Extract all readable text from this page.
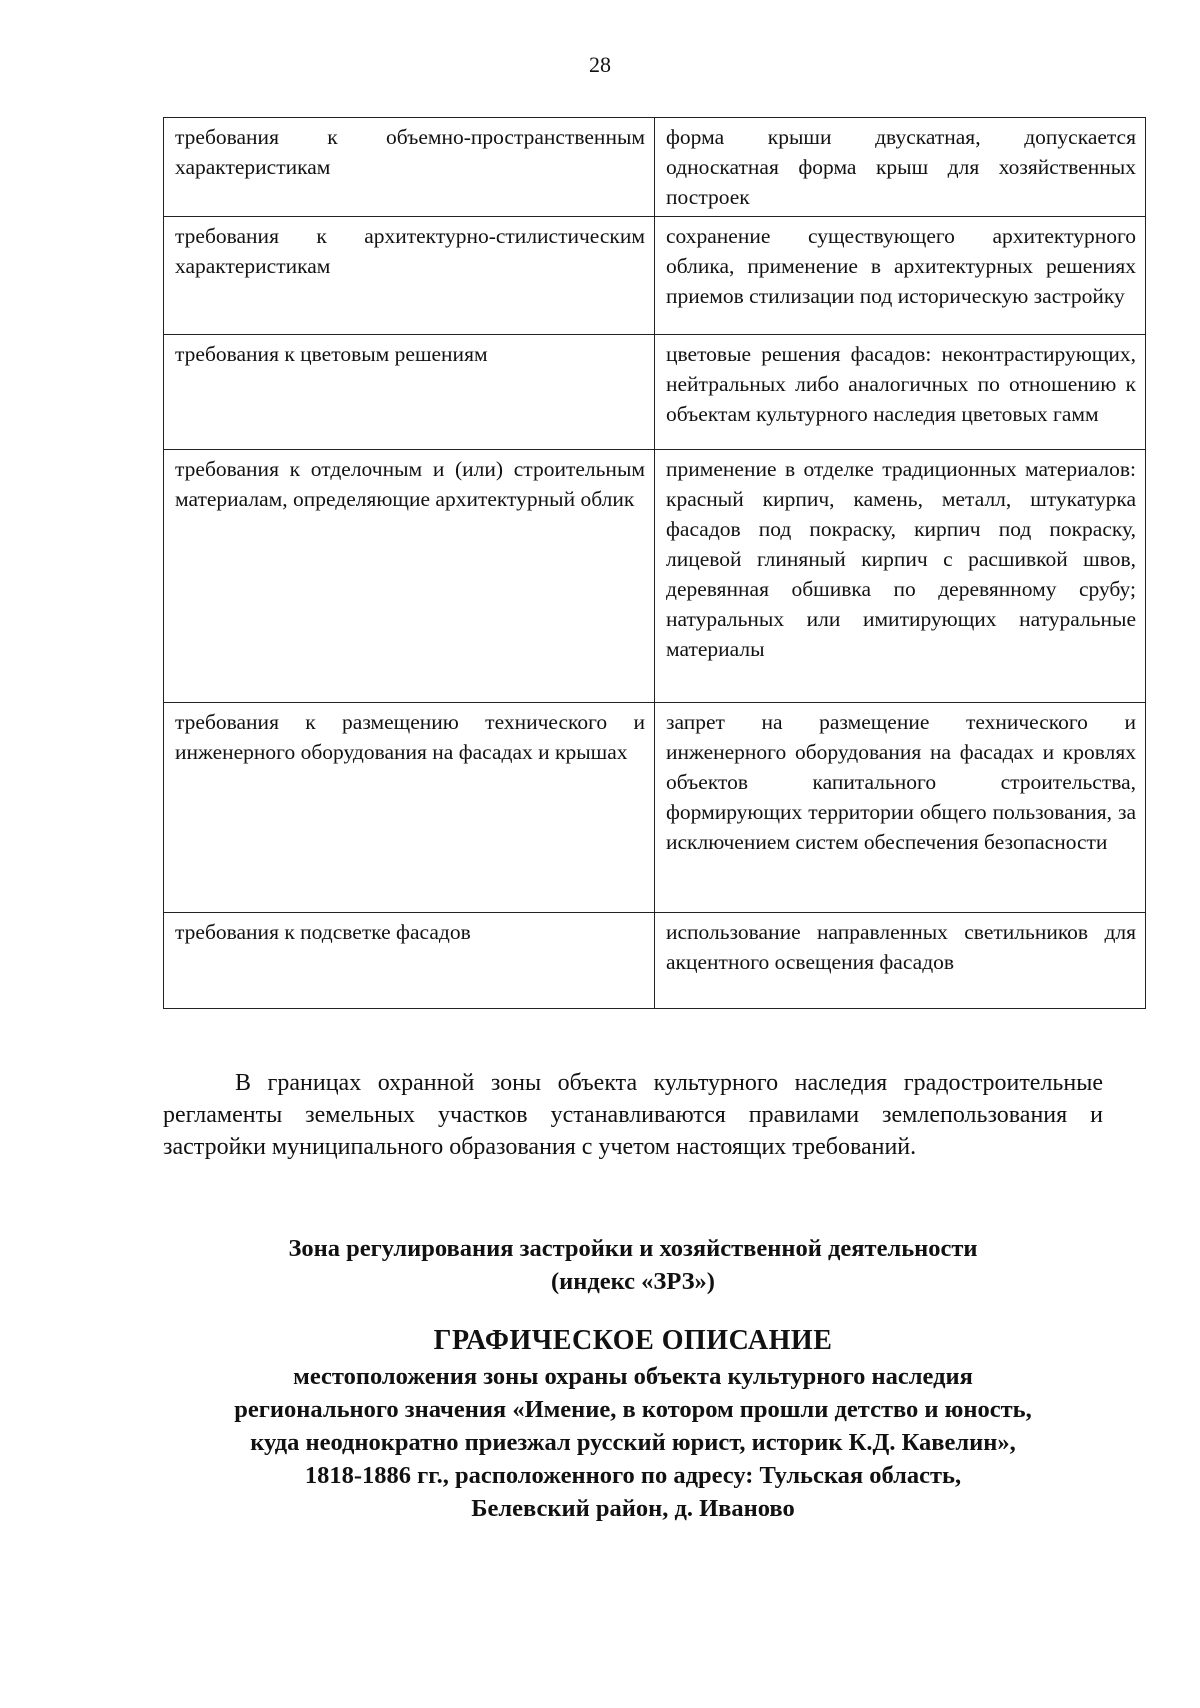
28
требования к объемно-пространственным характеристикам	форма крыши двускатная, допускается односкатная форма крыш для хозяйственных построек
требования к архитектурно-стилистическим характеристикам	сохранение существующего архитектурного облика, применение в архитектурных решениях приемов стилизации под историческую застройку
требования к цветовым решениям	цветовые решения фасадов: неконтрастирующих, нейтральных либо аналогичных по отношению к объектам культурного наследия цветовых гамм
требования к отделочным и (или) строительным материалам, определяющие архитектурный облик	применение в отделке традиционных материалов: красный кирпич, камень, металл, штукатурка фасадов под покраску, кирпич под покраску, лицевой глиняный кирпич с расшивкой швов, деревянная обшивка по деревянному срубу; натуральных или имитирующих натуральные материалы
требования к размещению технического и инженерного оборудования на фасадах и крышах	запрет на размещение технического и инженерного оборудования на фасадах и кровлях объектов капитального строительства, формирующих территории общего пользования, за исключением систем обеспечения безопасности
требования к подсветке фасадов	использование направленных светильников для акцентного освещения фасадов

В границах охранной зоны объекта культурного наследия градостроительные регламенты земельных участков устанавливаются правилами землепользования и застройки муниципального образования с учетом настоящих требований.

Зона регулирования застройки и хозяйственной деятельности
(индекс «ЗРЗ»)
ГРАФИЧЕСКОЕ ОПИСАНИЕ
местоположения зоны охраны объекта культурного наследия
регионального значения «Имение, в котором прошли детство и юность,
куда неоднократно приезжал русский юрист, историк К.Д. Кавелин»,
1818-1886 гг., расположенного по адресу: Тульская область,
Белевский район, д. Иваново
